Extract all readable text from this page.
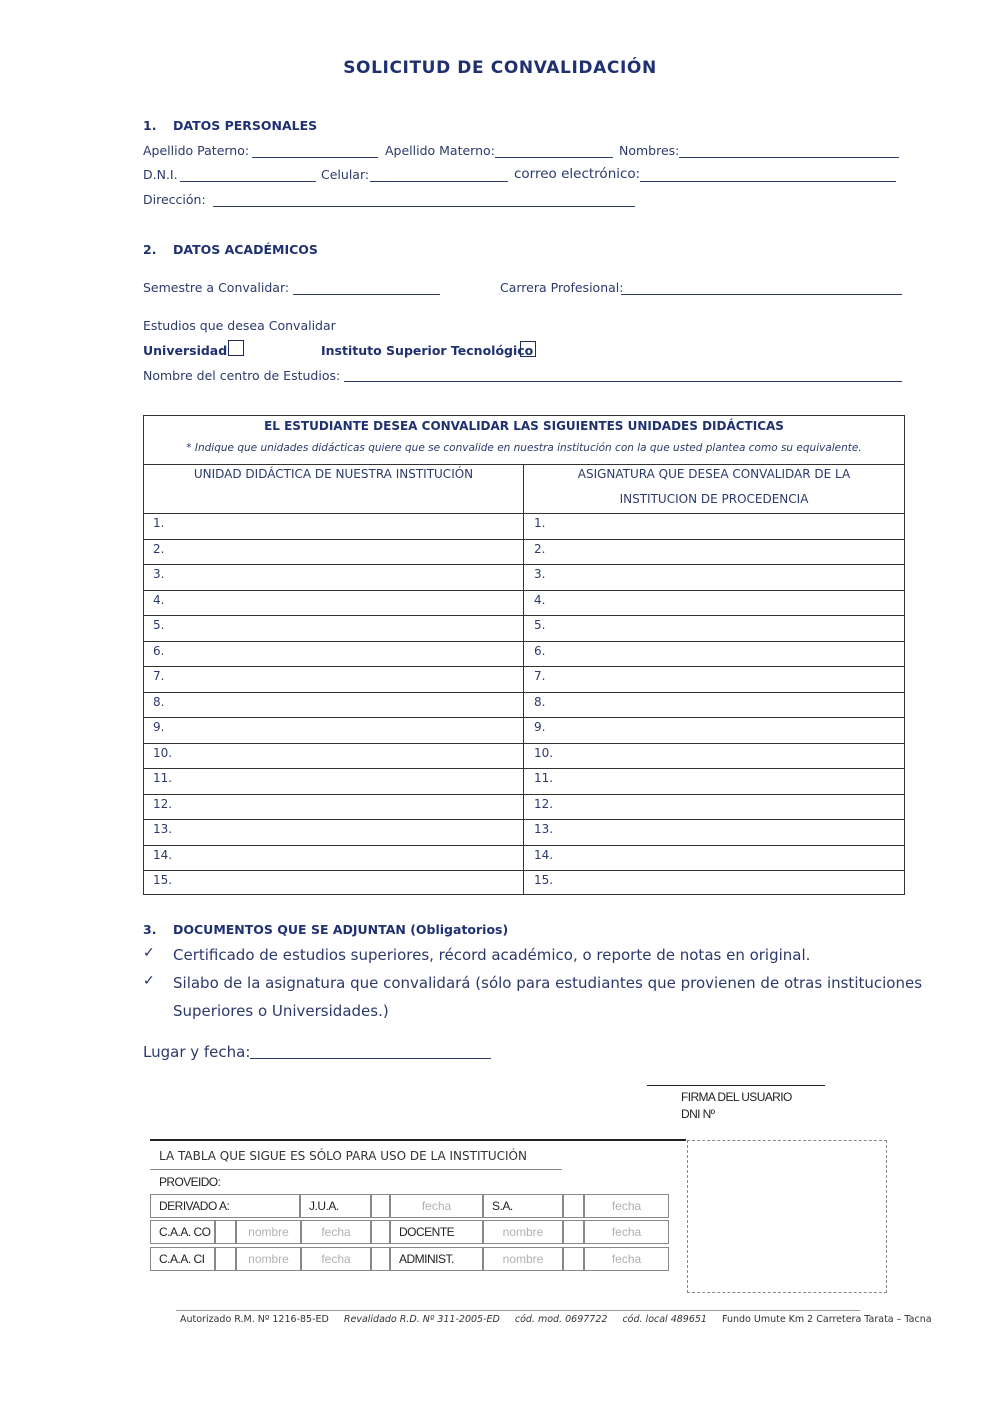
SOLICITUD DE CONVALIDACIÓN
1. DATOS PERSONALES
Apellido Paterno:	Apellido Materno:	Nombres:
D.N.I.	Celular:	correo electrónico:
Dirección:
2. DATOS ACADÉMICOS
Semestre a Convalidar:	Carrera Profesional:
Estudios que desea Convalidar
Universidad	Instituto Superior Tecnológico
Nombre del centro de Estudios:
EL ESTUDIANTE DESEA CONVALIDAR LAS SIGUIENTES UNIDADES DIDÁCTICAS
* Indique que unidades didácticas quiere que se convalide en nuestra institución con la que usted plantea como su equivalente.
UNIDAD DIDÁCTICA DE NUESTRA INSTITUCIÓN	ASIGNATURA QUE DESEA CONVALIDAR DE LA
INSTITUCION DE PROCEDENCIA
1.	1.
2.	2.
3.	3.
4.	4.
5.	5.
6.	6.
7.	7.
8.	8.
9.	9.
10.	10.
11.	11.
12.	12.
13.	13.
14.	14.
15.	15.
3. DOCUMENTOS QUE SE ADJUNTAN (Obligatorios)
✓ Certificado de estudios superiores, récord académico, o reporte de notas en original.
✓ Silabo de la asignatura que convalidará (sólo para estudiantes que provienen de otras instituciones
Superiores o Universidades.)
Lugar y fecha:
FIRMA DEL USUARIO
DNI Nº
LA TABLA QUE SIGUE ES SÓLO PARA USO DE LA INSTITUCIÓN
PROVEIDO:
DERIVADO A:	J.U.A.	fecha	S.A.	fecha
C.A.A. CO	nombre	fecha	DOCENTE	nombre	fecha
C.A.A. CI	nombre	fecha	ADMINIST.	nombre	fecha
Autorizado R.M. Nº 1216-85-ED Revalidado R.D. Nº 311-2005-ED cód. mod. 0697722 cód. local 489651 Fundo Umute Km 2 Carretera Tarata – Tacna
